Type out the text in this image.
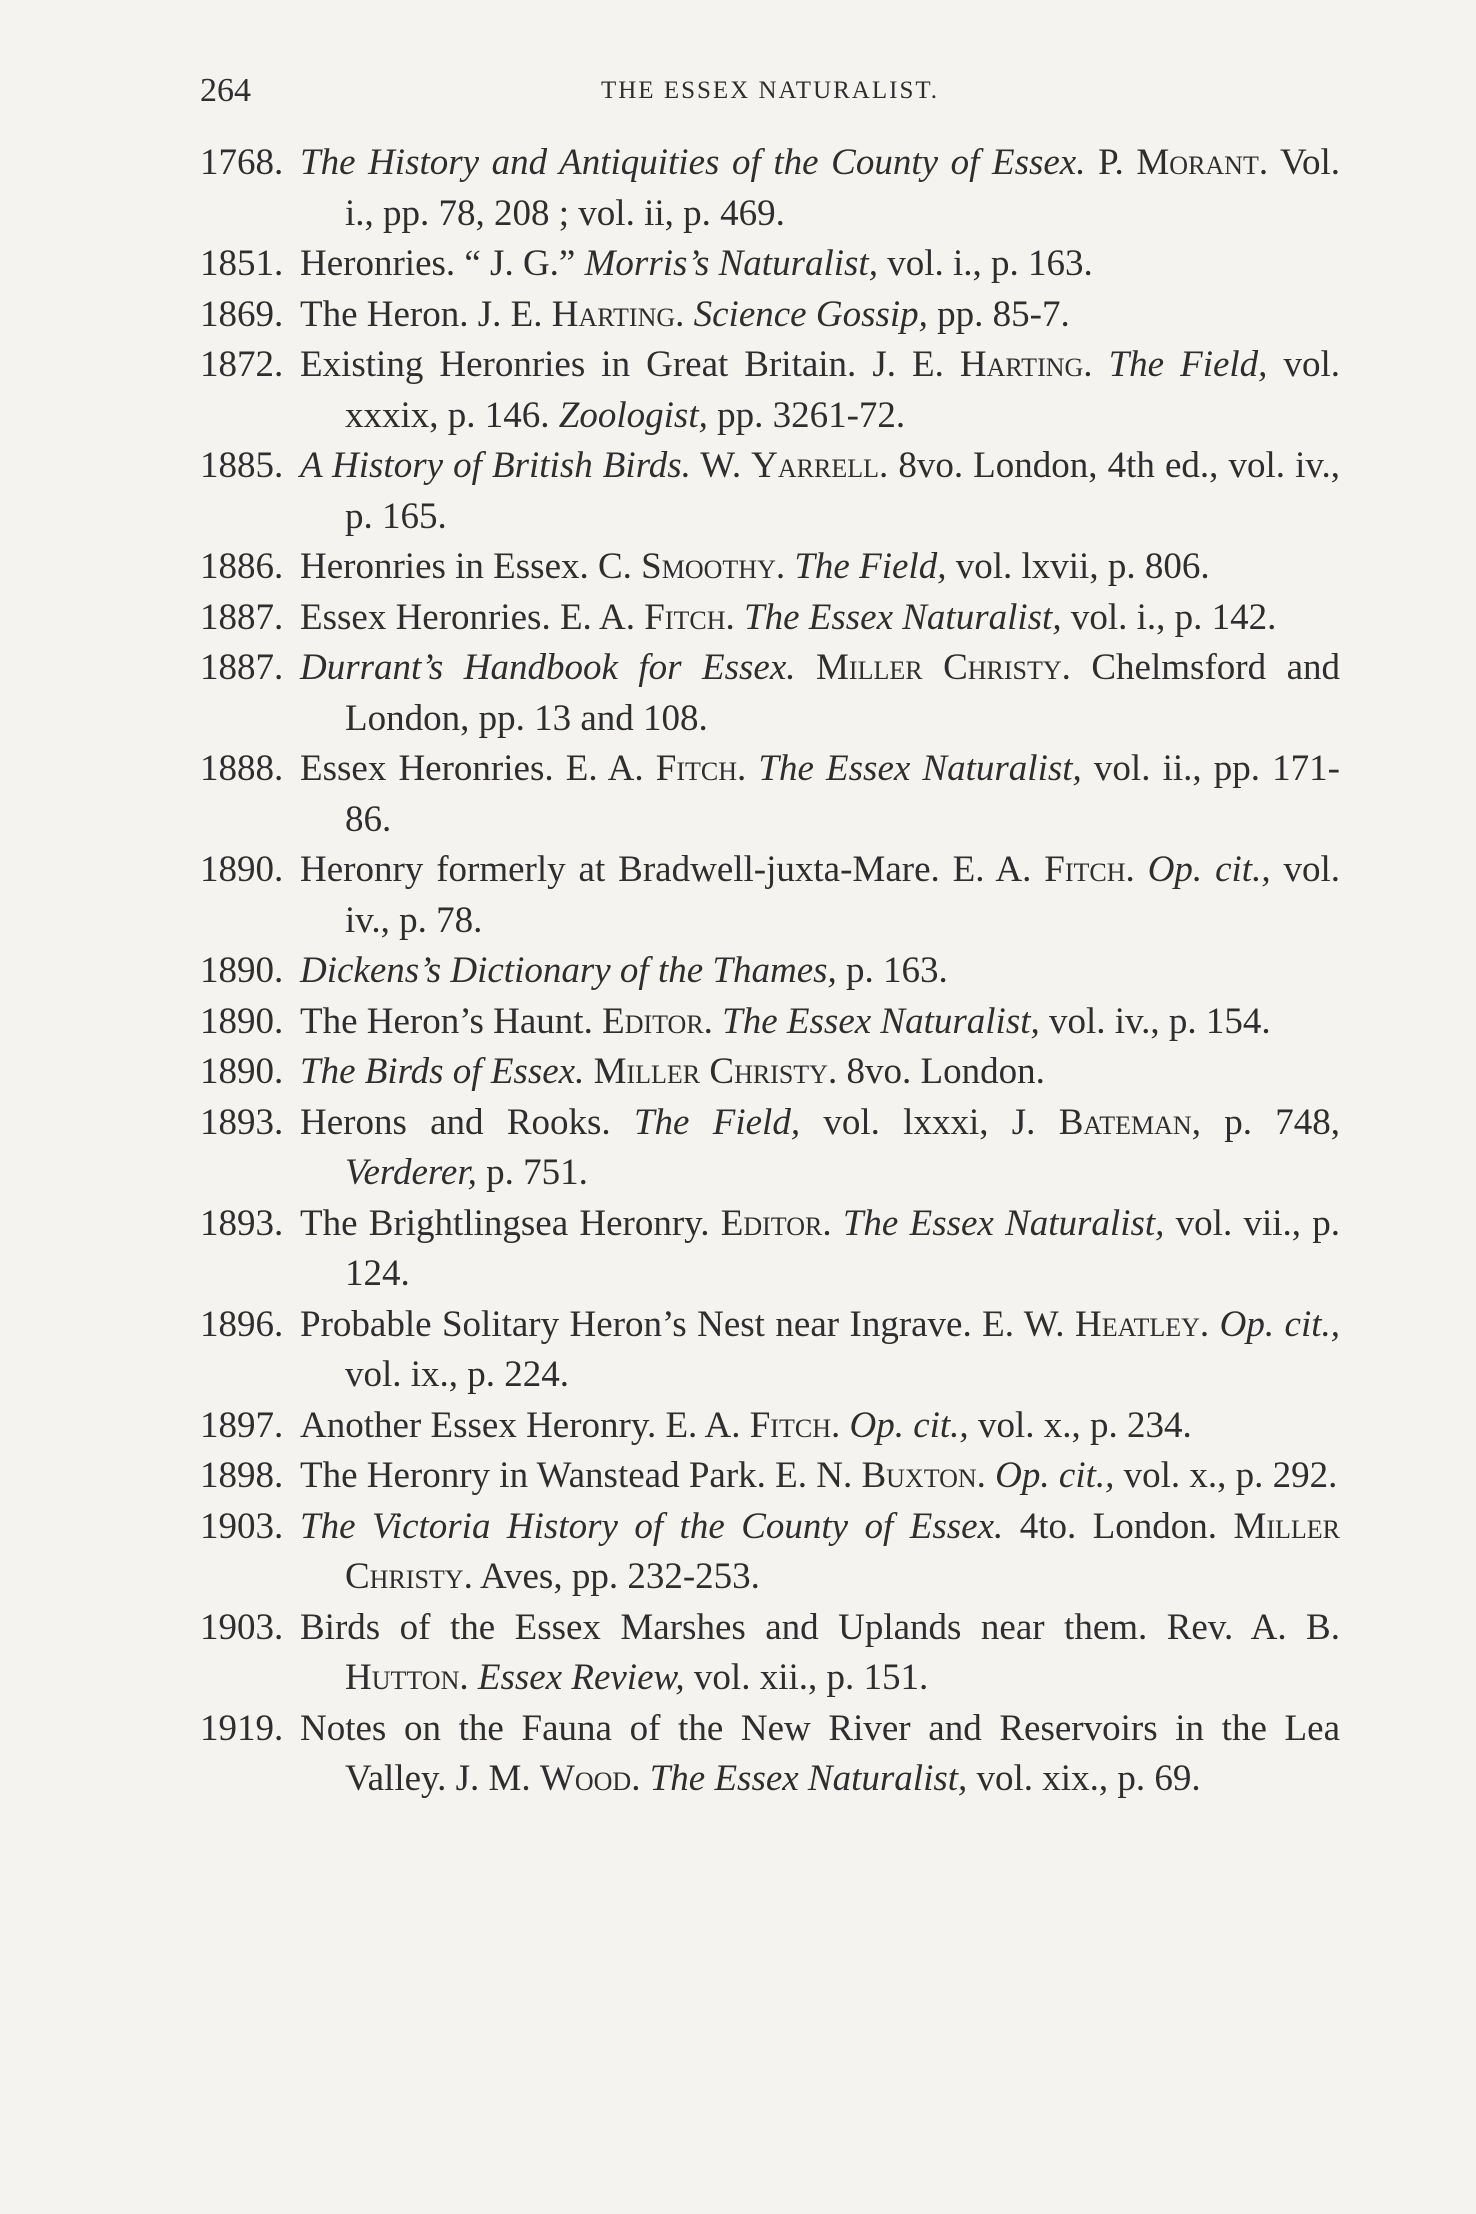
THE ESSEX NATURALIST.
264
1768. The History and Antiquities of the County of Essex. P. Morant. Vol. i., pp. 78, 208 ; vol. ii, p. 469.
1851. Heronries. “ J. G.” Morris’s Naturalist, vol. i., p. 163.
1869. The Heron. J. E. Harting. Science Gossip, pp. 85-7.
1872. Existing Heronries in Great Britain. J. E. Harting. The Field, vol. xxxix, p. 146. Zoologist, pp. 3261-72.
1885. A History of British Birds. W. Yarrell. 8vo. London, 4th ed., vol. iv., p. 165.
1886. Heronries in Essex. C. Smoothy. The Field, vol. lxvii, p. 806.
1887. Essex Heronries. E. A. Fitch. The Essex Naturalist, vol. i., p. 142.
1887. Durrant’s Handbook for Essex. Miller Christy. Chelmsford and London, pp. 13 and 108.
1888. Essex Heronries. E. A. Fitch. The Essex Naturalist, vol. ii., pp. 171-86.
1890. Heronry formerly at Bradwell-juxta-Mare. E. A. Fitch. Op. cit., vol. iv., p. 78.
1890. Dickens’s Dictionary of the Thames, p. 163.
1890. The Heron’s Haunt. Editor. The Essex Naturalist, vol. iv., p. 154.
1890. The Birds of Essex. Miller Christy. 8vo. London.
1893. Herons and Rooks. The Field, vol. lxxxi, J. Bateman, p. 748, Verderer, p. 751.
1893. The Brightlingsea Heronry. Editor. The Essex Naturalist, vol. vii., p. 124.
1896. Probable Solitary Heron’s Nest near Ingrave. E. W. Heatley. Op. cit., vol. ix., p. 224.
1897. Another Essex Heronry. E. A. Fitch. Op. cit., vol. x., p. 234.
1898. The Heronry in Wanstead Park. E. N. Buxton. Op. cit., vol. x., p. 292.
1903. The Victoria History of the County of Essex. 4to. London. Miller Christy. Aves, pp. 232-253.
1903. Birds of the Essex Marshes and Uplands near them. Rev. A. B. Hutton. Essex Review, vol. xii., p. 151.
1919. Notes on the Fauna of the New River and Reservoirs in the Lea Valley. J. M. Wood. The Essex Naturalist, vol. xix., p. 69.
